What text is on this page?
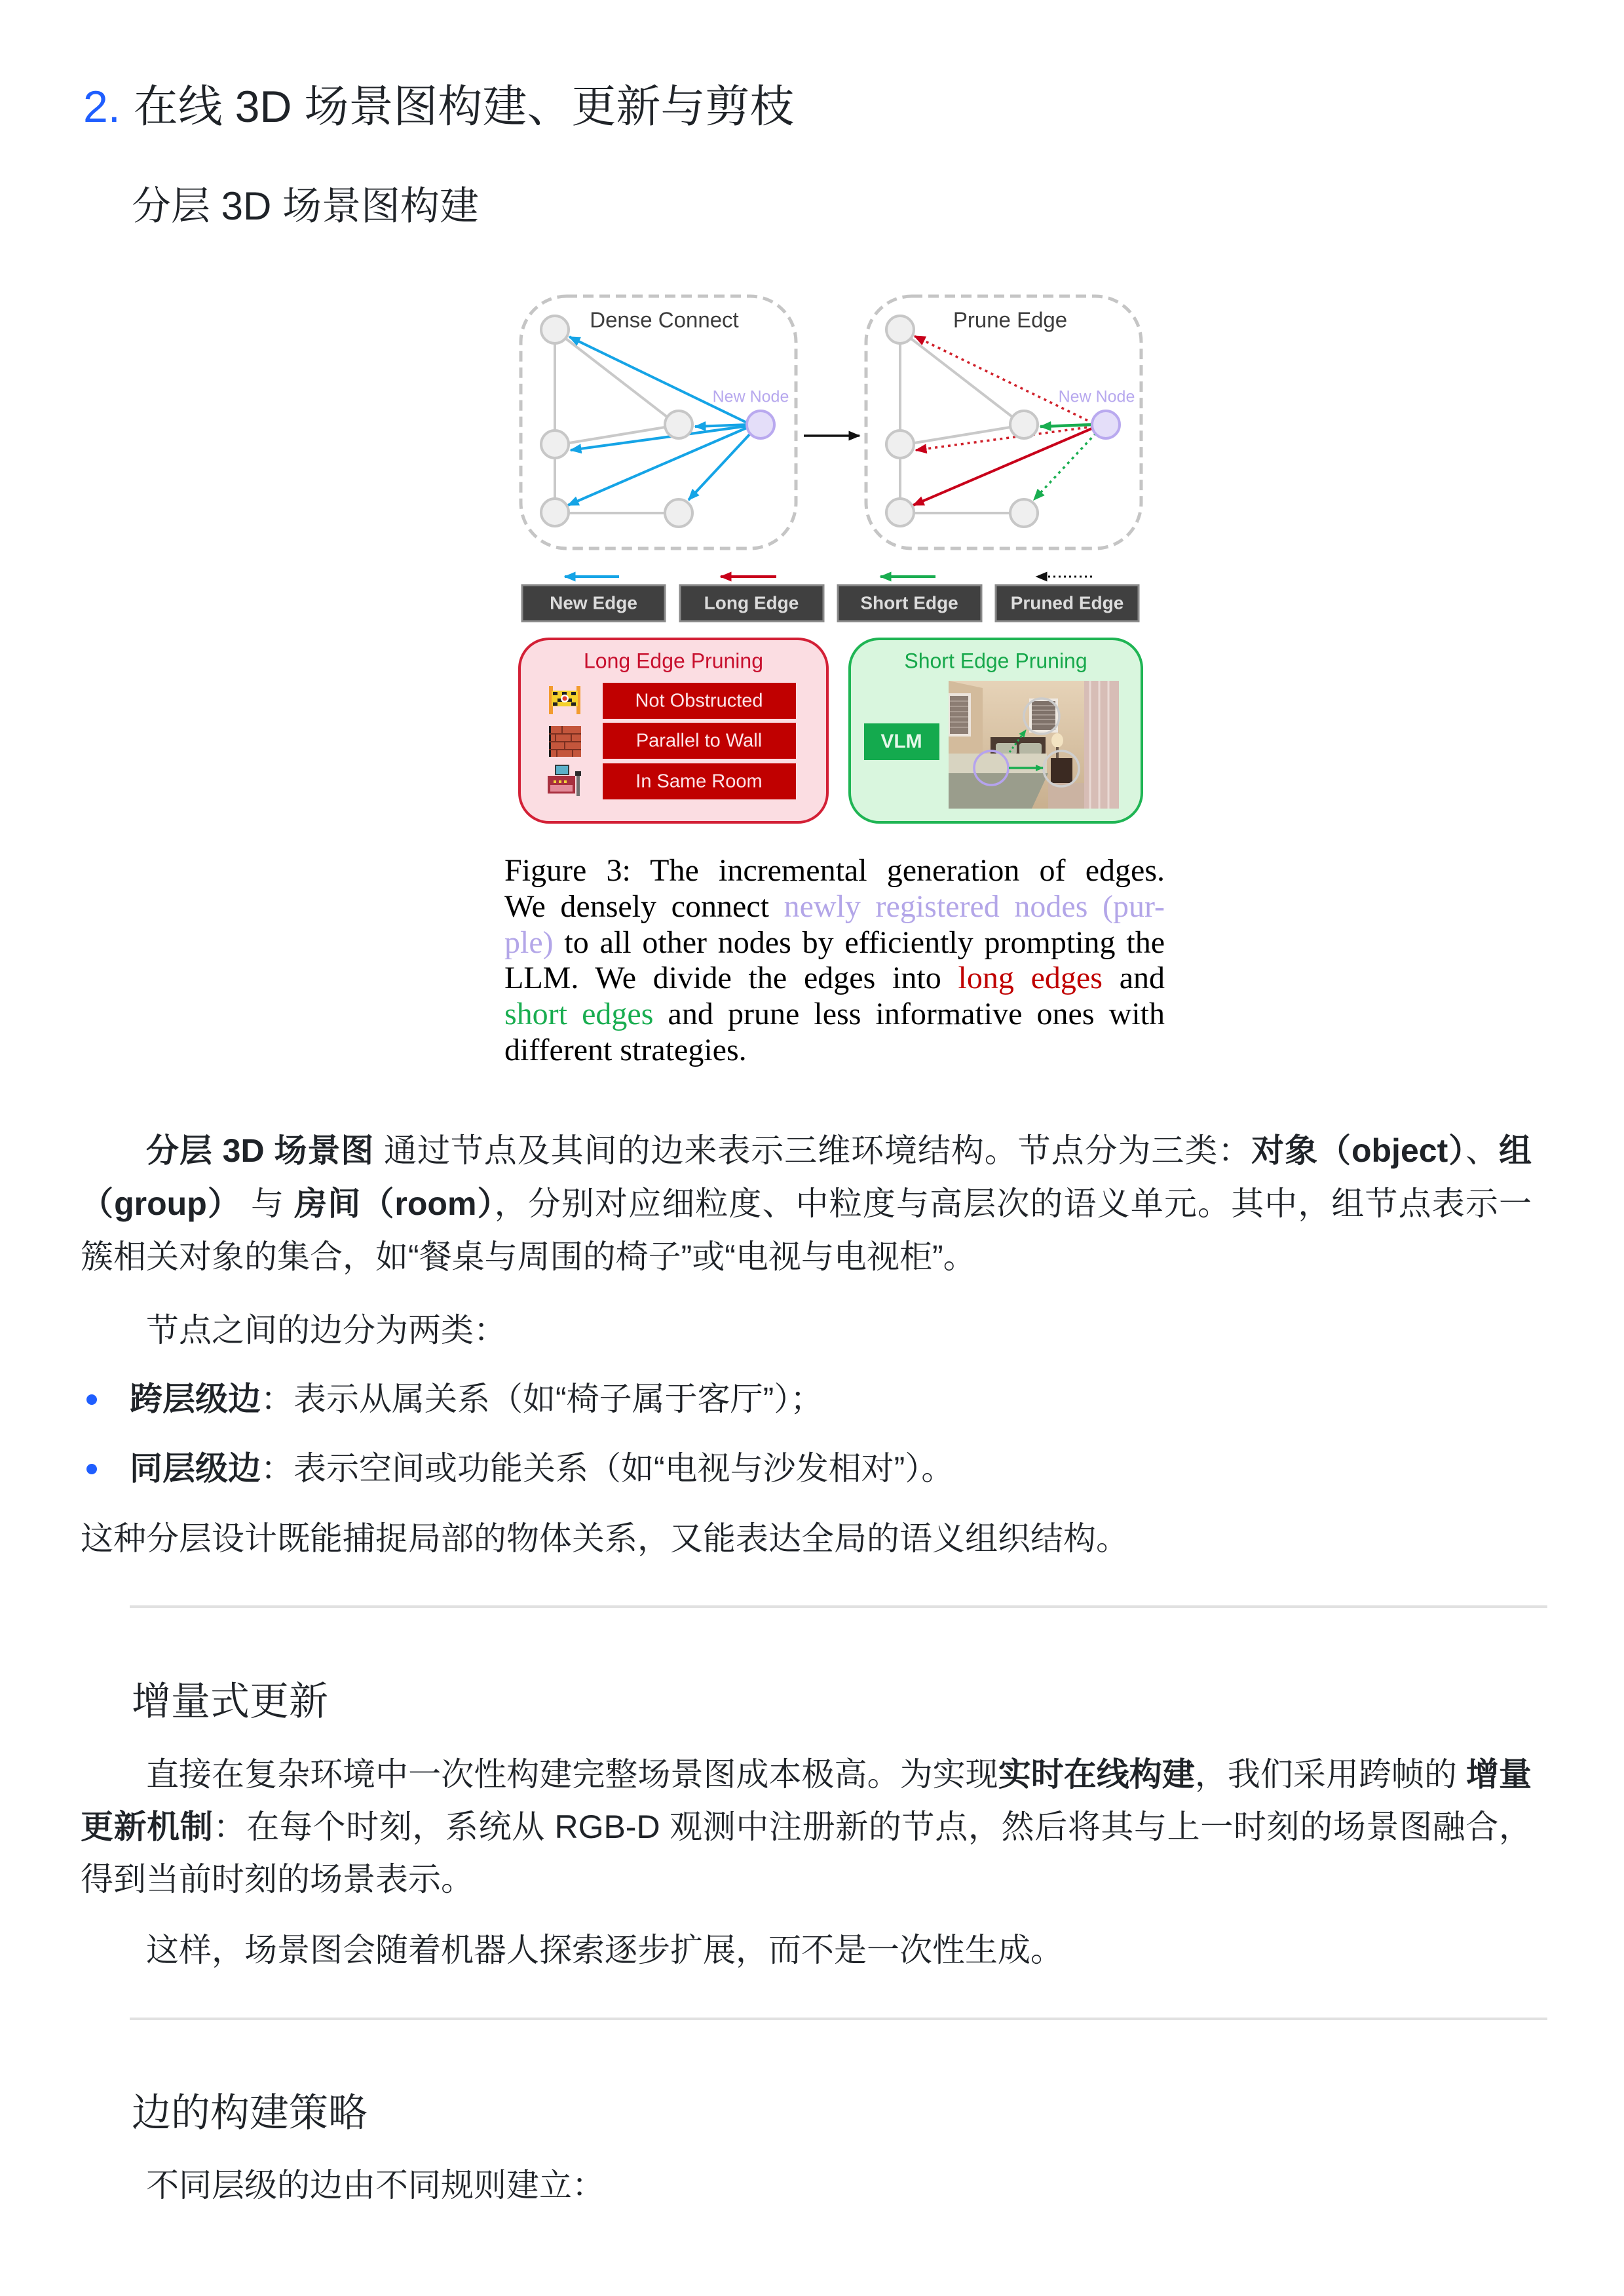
2. 在线 3D 场景图构建、更新与剪枝
分层 3D 场景图构建
Dense Connect
New Node
Prune Edge
New Node
New Edge	Long Edge	Short Edge	Pruned Edge
Long Edge Pruning
Not Obstructed
Parallel to Wall
In Same Room
Short Edge Pruning
VLM
Figure 3: The incremental generation of edges.
We densely connect newly registered nodes (pur-
ple) to all other nodes by efficiently prompting the
LLM. We divide the edges into long edges and
short edges and prune less informative ones with
different strategies.

分层 3D 场景图 通过节点及其间的边来表示三维环境结构。节点分为三类：对象（object）、组（group） 与 房间（room），分别对应细粒度、中粒度与高层次的语义单元。其中，组节点表示一簇相关对象的集合，如“餐桌与周围的椅子”或“电视与电视柜”。

节点之间的边分为两类：

跨层级边：表示从属关系（如“椅子属于客厅”）；
同层级边：表示空间或功能关系（如“电视与沙发相对”）。

这种分层设计既能捕捉局部的物体关系，又能表达全局的语义组织结构。

增量式更新

直接在复杂环境中一次性构建完整场景图成本极高。为实现实时在线构建，我们采用跨帧的 增量更新机制：在每个时刻，系统从 RGB-D 观测中注册新的节点，然后将其与上一时刻的场景图融合，得到当前时刻的场景表示。

这样，场景图会随着机器人探索逐步扩展，而不是一次性生成。

边的构建策略

不同层级的边由不同规则建立：
